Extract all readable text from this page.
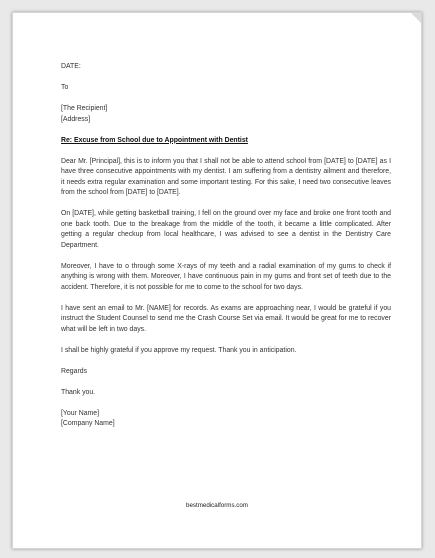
DATE:
To
[The Recipient]
[Address]
Re: Excuse from School due to Appointment with Dentist

Dear Mr. [Principal], this is to inform you that I shall not be able to attend school from [DATE] to [DATE] as I have three consecutive appointments with my dentist. I am suffering from a dentistry ailment and therefore, it needs extra regular examination and some important testing. For this sake, I need two consecutive leaves from the school from [DATE] to [DATE].

On [DATE], while getting basketball training, I fell on the ground over my face and broke one front tooth and one back tooth. Due to the breakage from the middle of the tooth, it became a little complicated. After getting a regular checkup from local healthcare, I was advised to see a dentist in the Dentistry Care Department.

Moreover, I have to o through some X-rays of my teeth and a radial examination of my gums to check if anything is wrong with them. Moreover, I have continuous pain in my gums and front set of teeth due to the accident. Therefore, it is not possible for me to come to the school for two days.

I have sent an email to Mr. [NAME] for records. As exams are approaching near, I would be grateful if you instruct the Student Counsel to send me the Crash Course Set via email. It would be great for me to recover what will be left in two days.

I shall be highly grateful if you approve my request. Thank you in anticipation.

Regards
Thank you.
[Your Name]
[Company Name]
bestmedicalforms.com
